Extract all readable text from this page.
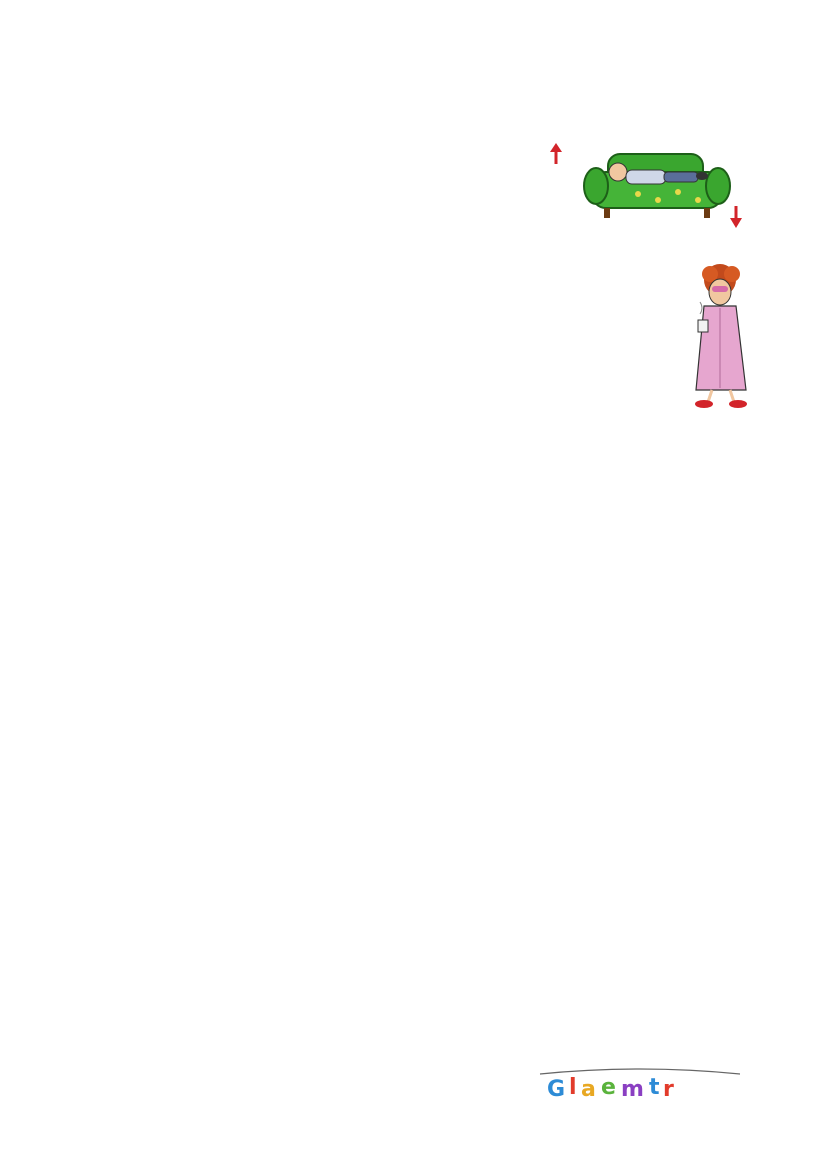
G l a e m t r
